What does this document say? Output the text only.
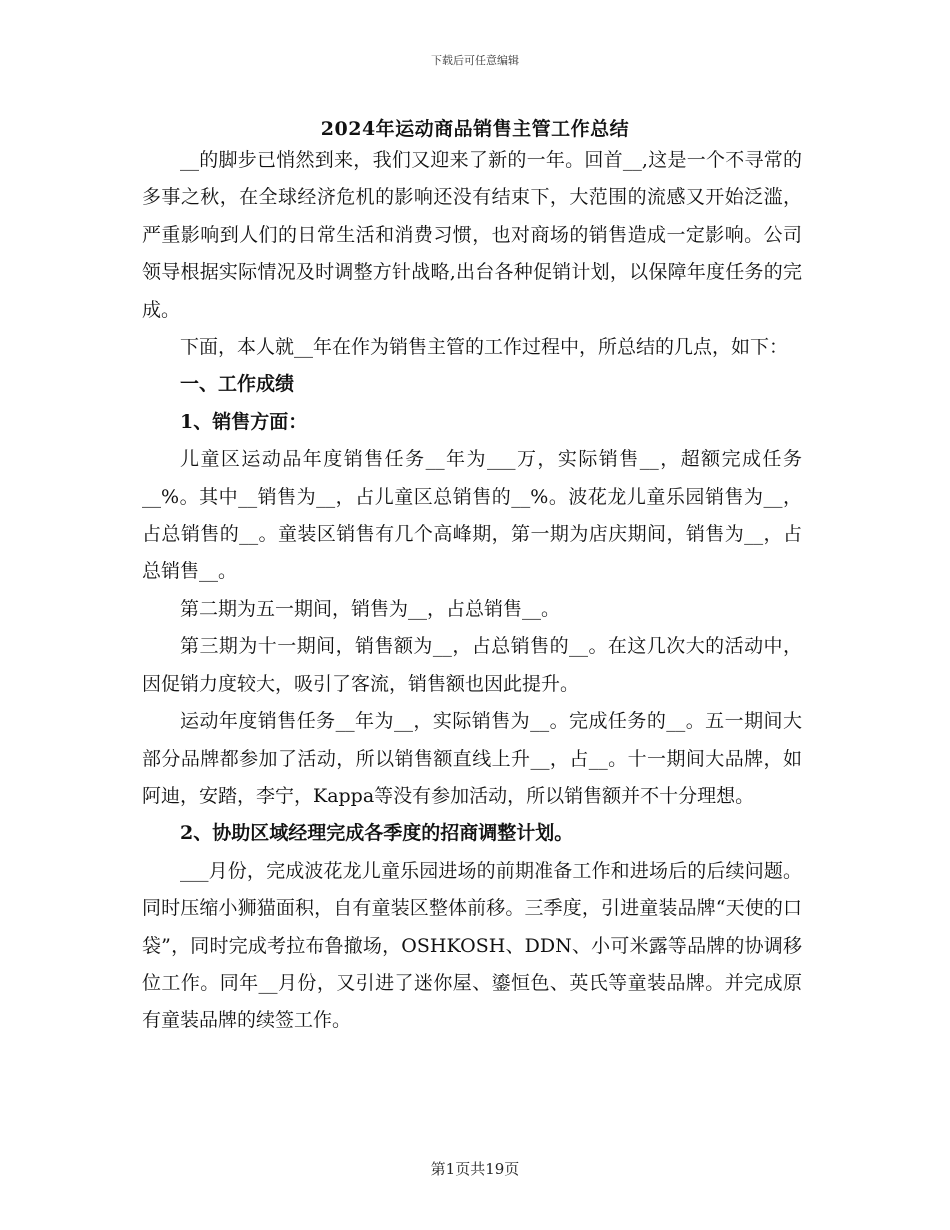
下载后可任意编辑
2024年运动商品销售主管工作总结

__的脚步已悄然到来，我们又迎来了新的一年。回首__,这是一个不寻常的多事之秋，在全球经济危机的影响还没有结束下，大范围的流感又开始泛滥，严重影响到人们的日常生活和消费习惯，也对商场的销售造成一定影响。公司领导根据实际情况及时调整方针战略,出台各种促销计划，以保障年度任务的完成。

下面，本人就__年在作为销售主管的工作过程中，所总结的几点，如下：

一、工作成绩

1、销售方面：

儿童区运动品年度销售任务__年为___万，实际销售__，超额完成任务__%。其中__销售为__，占儿童区总销售的__%。波花龙儿童乐园销售为__，占总销售的__。童装区销售有几个高峰期，第一期为店庆期间，销售为__，占总销售__。

第二期为五一期间，销售为__，占总销售__。

第三期为十一期间，销售额为__，占总销售的__。在这几次大的活动中，因促销力度较大，吸引了客流，销售额也因此提升。

运动年度销售任务__年为__，实际销售为__。完成任务的__。五一期间大部分品牌都参加了活动，所以销售额直线上升__，占__。十一期间大品牌，如阿迪，安踏，李宁，Kappa等没有参加活动，所以销售额并不十分理想。

2、协助区域经理完成各季度的招商调整计划。

___月份，完成波花龙儿童乐园进场的前期准备工作和进场后的后续问题。同时压缩小狮猫面积，自有童装区整体前移。三季度，引进童装品牌“天使的口袋”，同时完成考拉布鲁撤场，OSHKOSH、DDN、小可米露等品牌的协调移位工作。同年__月份，又引进了迷你屋、鎏恒色、英氏等童装品牌。并完成原有童装品牌的续签工作。

第1页共19页
